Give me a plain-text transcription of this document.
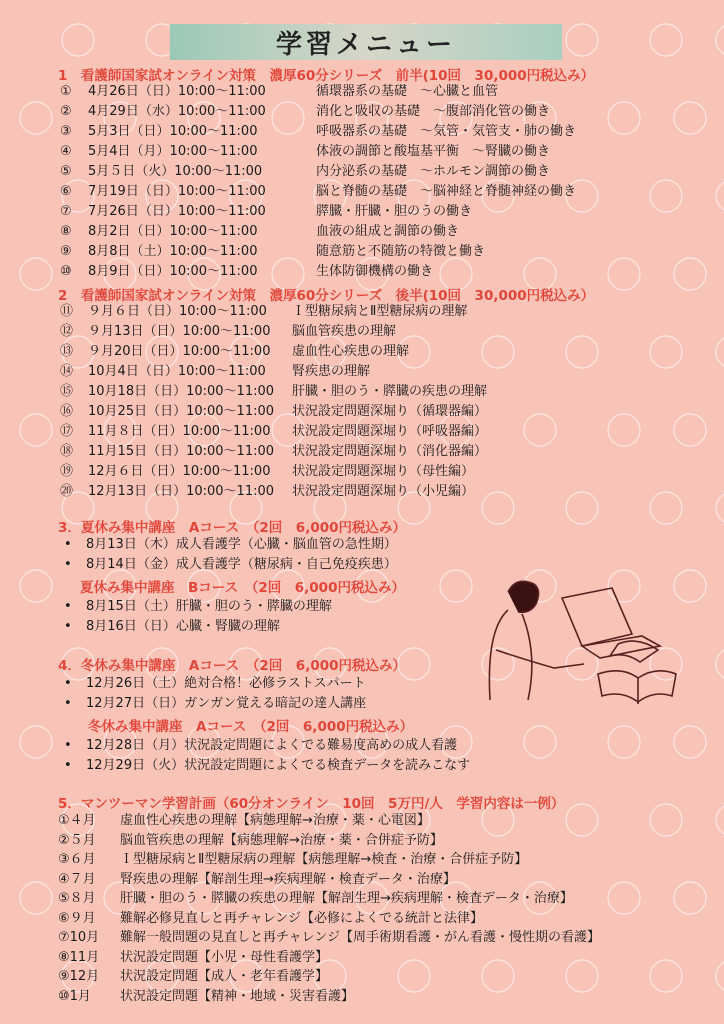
学習メニュー
1　看護師国家試オンライン対策　濃厚60分シリーズ　前半(10回　30,000円税込み）
① 4月26日（日）10:00～11:00	循環器系の基礎　～心臓と血管
② 4月29日（水）10:00～11:00	消化と吸収の基礎　～腹部消化管の働き
③ 5月3日（日）10:00～11:00	呼吸器系の基礎　～気管・気管支・肺の働き
④ 5月4日（月）10:00～11:00	体液の調節と酸塩基平衡　～腎臓の働き
⑤ 5月５日（火）10:00～11:00	内分泌系の基礎　～ホルモン調節の働き
⑥ 7月19日（日）10:00～11:00	脳と脊髄の基礎　～脳神経と脊髄神経の働き
⑦ 7月26日（日）10:00～11:00	膵臓・肝臓・胆のうの働き
⑧ 8月2日（日）10:00～11:00	血液の組成と調節の働き
⑨ 8月8日（土）10:00～11:00	随意筋と不随筋の特徴と働き
⑩ 8月9日（日）10:00～11:00	生体防御機構の働き
2　看護師国家試オンライン対策　濃厚60分シリーズ　後半(10回　30,000円税込み）
⑪ ９月６日（日）10:00～11:00 Ｉ型糖尿病とⅡ型糖尿病の理解
⑫ ９月13日（日）10:00～11:00 脳血管疾患の理解
⑬ ９月20日（日）10:00～11:00 虚血性心疾患の理解
⑭ 10月4日（日）10:00～11:00 腎疾患の理解
⑮ 10月18日（日）10:00～11:00 肝臓・胆のう・膵臓の疾患の理解
⑯ 10月25日（日）10:00～11:00 状況設定問題深堀り（循環器編）
⑰ 11月８日（日）10:00～11:00 状況設定問題深堀り（呼吸器編）
⑱ 11月15日（日）10:00～11:00 状況設定問題深堀り（消化器編）
⑲ 12月６日（日）10:00～11:00 状況設定問題深堀り（母性編）
⑳ 12月13日（日）10:00～11:00 状況設定問題深堀り（小児編）
3．夏休み集中講座　Aコース　（2回　6,000円税込み）
• 8月13日（木）成人看護学（心臓・脳血管の急性期）
• 8月14日（金）成人看護学（糖尿病・自己免疫疾患）
夏休み集中講座　Bコース　（2回　6,000円税込み）
• 8月15日（土）肝臓・胆のう・膵臓の理解
• 8月16日（日）心臓・腎臓の理解
4．冬休み集中講座　Aコース　（2回　6,000円税込み）
• 12月26日（土）絶対合格！必修ラストスパート
• 12月27日（日）ガンガン覚える暗記の達人講座
冬休み集中講座　Aコース　（2回　6,000円税込み）
• 12月28日（月）状況設定問題によくでる難易度高めの成人看護
• 12月29日（火）状況設定問題によくでる検査データを読みこなす
5．マンツーマン学習計画（60分オンライン　10回　5万円/人　学習内容は一例）
①４月 虚血性心疾患の理解【病態理解→治療・薬・心電図】
②５月 脳血管疾患の理解【病態理解→治療・薬・合併症予防】
③６月 Ｉ型糖尿病とⅡ型糖尿病の理解【病態理解→検査・治療・合併症予防】
④７月 腎疾患の理解【解剖生理→疾病理解・検査データ・治療】
⑤８月 肝臓・胆のう・膵臓の疾患の理解【解剖生理→疾病理解・検査データ・治療】
⑥９月 難解必修見直しと再チャレンジ【必修によくでる統計と法律】
⑦10月 難解一般問題の見直しと再チャレンジ【周手術期看護・がん看護・慢性期の看護】
⑧11月 状況設定問題【小児・母性看護学】
⑨12月 状況設定問題【成人・老年看護学】
⑩1月 状況設定問題【精神・地域・災害看護】
